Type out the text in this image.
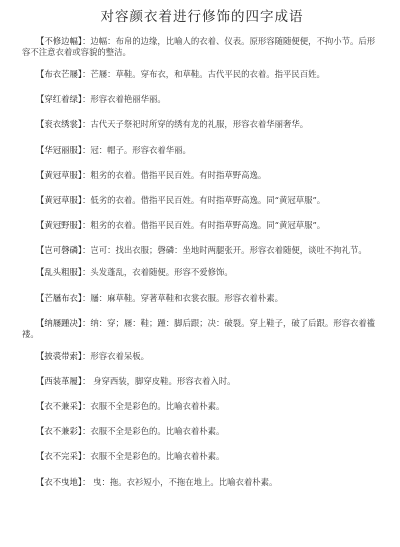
对容颜衣着进行修饰的四字成语

【不修边幅】：边幅：布帛的边缘，比喻人的衣着、仪表。原形容随随便便，不拘小节。后形容不注意衣着或容貌的整洁。

【布衣芒屦】：芒屦：草鞋。穿布衣，和草鞋。古代平民的衣着。指平民百姓。

【穿红着绿】：形容衣着艳丽华丽。

【衮衣绣裳】：古代天子祭祀时所穿的绣有龙的礼服，形容衣着华丽奢华。

【华冠丽服】：冠：帽子。形容衣着华丽。

【黄冠草服】：粗劣的衣着。借指平民百姓。有时指草野高逸。

【黄冠草服】：低劣的衣着。借指平民百姓。有时指草野高逸。同“黄冠草服”。

【黄冠野服】：粗劣的衣着。借指平民百姓。有时指草野高逸。同“黄冠草服”。

【岂可磬磷】：岂可：找出衣服；磬磷：坐地时两腿张开。形容衣着随便，谈吐不拘礼节。

【乱头粗服】：头发蓬乱，衣着随便。形容不爱修饰。

【芒屩布衣】：屩：麻草鞋。穿著草鞋和衣裳衣服。形容衣着朴素。

【纳屦踵决】：纳：穿；屦：鞋；踵：脚后跟；决：破裂。穿上鞋子，破了后跟。形容衣着褴褛。

【披裘带索】：形容衣着呆板。

【西装革履】： 身穿西装，脚穿皮鞋。形容衣着入时。

【衣不兼采】：衣服不全是彩色的。比喻衣着朴素。

【衣不兼彩】：衣服不全是彩色的。比喻衣着朴素。

【衣不完采】：衣服不全是彩色的。比喻衣着朴素。

【衣不曳地】： 曳：拖。衣衫短小，不拖在地上。比喻衣着朴素。
